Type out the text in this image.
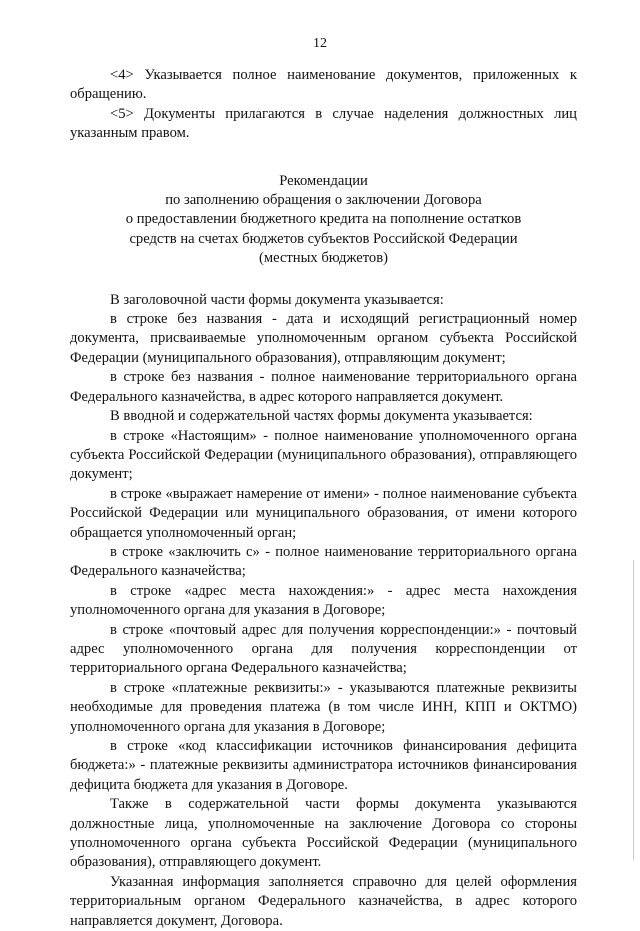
12

<4> Указывается полное наименование документов, приложенных к обращению.

<5> Документы прилагаются в случае наделения должностных лиц указанным правом.

Рекомендации
по заполнению обращения о заключении Договора
о предоставлении бюджетного кредита на пополнение остатков
средств на счетах бюджетов субъектов Российской Федерации
(местных бюджетов)

В заголовочной части формы документа указывается:

в строке без названия - дата и исходящий регистрационный номер документа, присваиваемые уполномоченным органом субъекта Российской Федерации (муниципального образования), отправляющим документ;

в строке без названия - полное наименование территориального органа Федерального казначейства, в адрес которого направляется документ.

В вводной и содержательной частях формы документа указывается:

в строке «Настоящим» - полное наименование уполномоченного органа субъекта Российской Федерации (муниципального образования), отправляющего документ;

в строке «выражает намерение от имени» - полное наименование субъекта Российской Федерации или муниципального образования, от имени которого обращается уполномоченный орган;

в строке «заключить с» - полное наименование территориального органа Федерального казначейства;

в строке «адрес места нахождения:» - адрес места нахождения уполномоченного органа для указания в Договоре;

в строке «почтовый адрес для получения корреспонденции:» - почтовый адрес уполномоченного органа для получения корреспонденции от территориального органа Федерального казначейства;

в строке «платежные реквизиты:» - указываются платежные реквизиты необходимые для проведения платежа (в том числе ИНН, КПП и ОКТМО) уполномоченного органа для указания в Договоре;

в строке «код классификации источников финансирования дефицита бюджета:» - платежные реквизиты администратора источников финансирования дефицита бюджета для указания в Договоре.

Также в содержательной части формы документа указываются должностные лица, уполномоченные на заключение Договора со стороны уполномоченного органа субъекта Российской Федерации (муниципального образования), отправляющего документ.

Указанная информация заполняется справочно для целей оформления территориальным органом Федерального казначейства, в адрес которого направляется документ, Договора.
